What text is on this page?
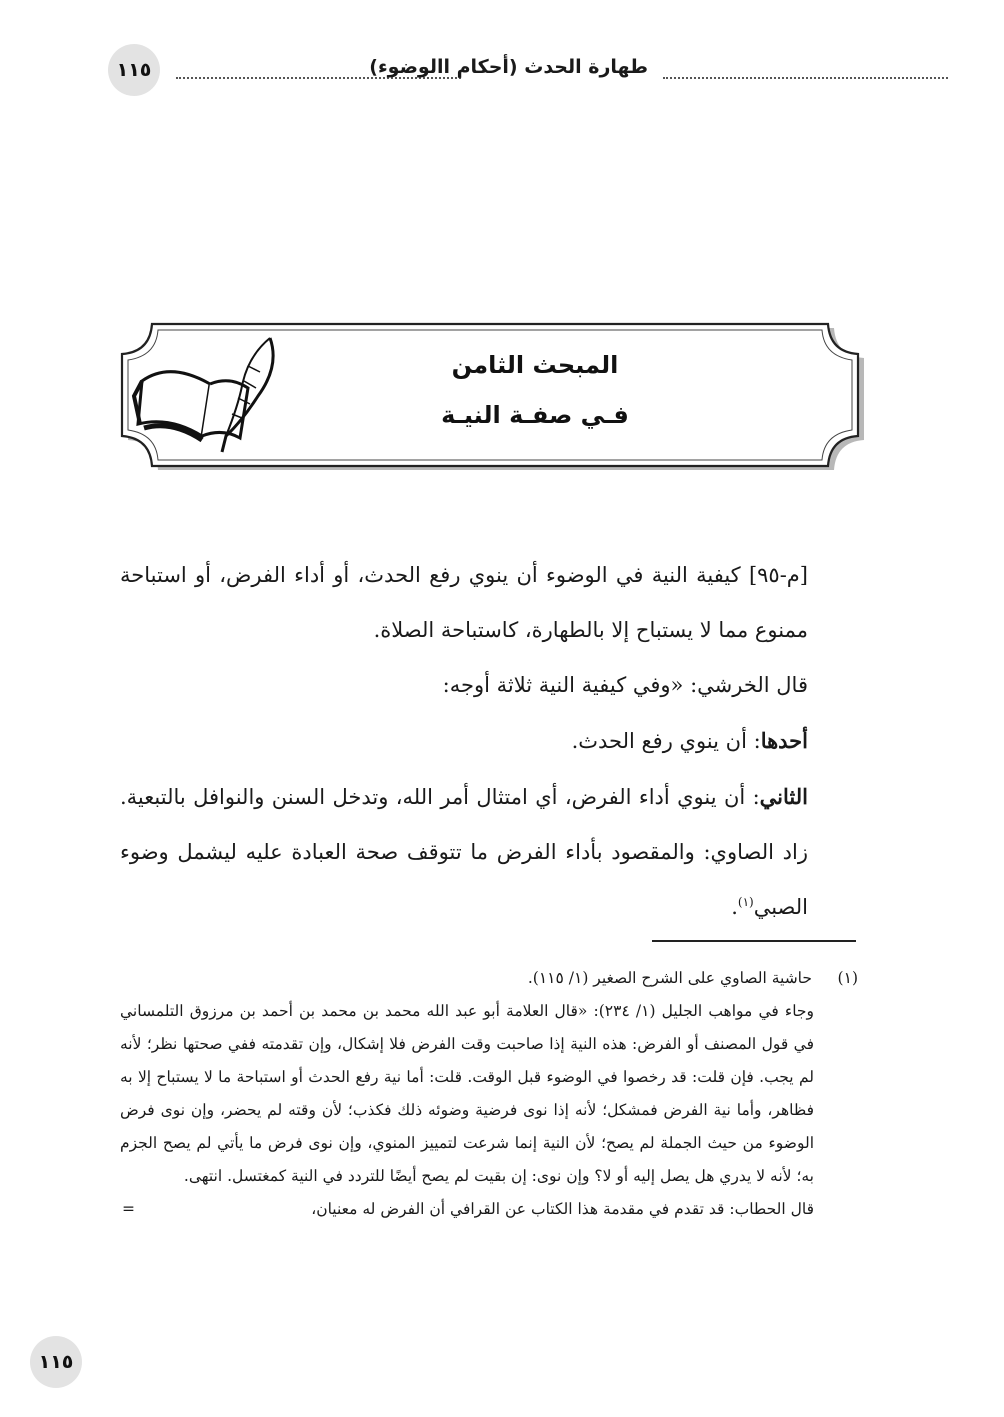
١١٥	طهارة الحدث (أحكام االوضوء)
المبحث الثامن
فـي صفـة النيـة

[م-٩٥] كيفية النية في الوضوء أن ينوي رفع الحدث، أو أداء الفرض، أو استباحة ممنوع مما لا يستباح إلا بالطهارة، كاستباحة الصلاة.

قال الخرشي: «وفي كيفية النية ثلاثة أوجه:

أحدها: أن ينوي رفع الحدث.

الثاني: أن ينوي أداء الفرض، أي امتثال أمر الله، وتدخل السنن والنوافل بالتبعية. زاد الصاوي: والمقصود بأداء الفرض ما تتوقف صحة العبادة عليه ليشمل وضوء الصبي$^{(١)}$.

(١)
حاشية الصاوي على الشرح الصغير (١/ ١١٥).

وجاء في مواهب الجليل (١/ ٢٣٤): «قال العلامة أبو عبد الله محمد بن محمد بن أحمد بن مرزوق التلمساني في قول المصنف أو الفرض: هذه النية إذا صاحبت وقت الفرض فلا إشكال، وإن تقدمته ففي صحتها نظر؛ لأنه لم يجب. فإن قلت: قد رخصوا في الوضوء قبل الوقت. قلت: أما نية رفع الحدث أو استباحة ما لا يستباح إلا به فظاهر، وأما نية الفرض فمشكل؛ لأنه إذا نوى فرضية وضوئه ذلك فكذب؛ لأن وقته لم يحضر، وإن نوى فرض الوضوء من حيث الجملة لم يصح؛ لأن النية إنما شرعت لتمييز المنوي، وإن نوى فرض ما يأتي لم يصح الجزم به؛ لأنه لا يدري هل يصل إليه أو لا؟ وإن نوى: إن بقيت لم يصح أيضًا للتردد في النية كمغتسل. انتهى.

قال الحطاب: قد تقدم في مقدمة هذا الكتاب عن القرافي أن الفرض له معنيان،
=

١١٥
